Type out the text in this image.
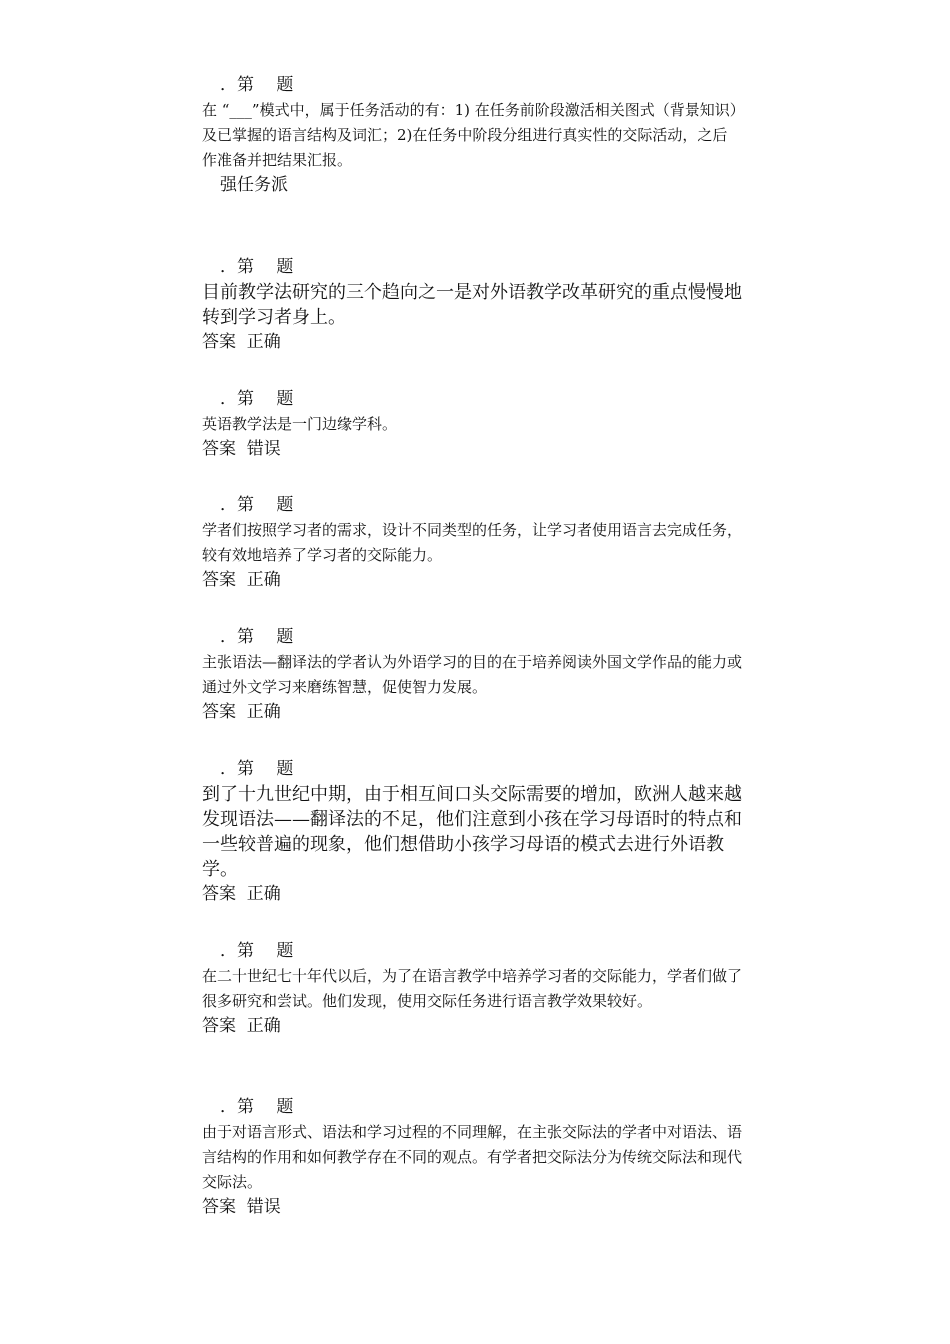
．第　 题
在 “___”模式中，属于任务活动的有：1) 在任务前阶段激活相关图式（背景知识）及已掌握的语言结构及词汇；2)在任务中阶段分组进行真实性的交际活动，之后作准备并把结果汇报。
强任务派
．第　 题
目前教学法研究的三个趋向之一是对外语教学改革研究的重点慢慢地转到学习者身上。
答案  正确
．第　 题
英语教学法是一门边缘学科。
答案  错误
．第　 题
学者们按照学习者的需求，设计不同类型的任务，让学习者使用语言去完成任务，较有效地培养了学习者的交际能力。
答案  正确
．第　 题
主张语法—翻译法的学者认为外语学习的目的在于培养阅读外国文学作品的能力或通过外文学习来磨练智慧，促使智力发展。
答案  正确
．第　 题
到了十九世纪中期，由于相互间口头交际需要的增加，欧洲人越来越发现语法——翻译法的不足，他们注意到小孩在学习母语时的特点和一些较普遍的现象，他们想借助小孩学习母语的模式去进行外语教学。
答案  正确
．第　 题
在二十世纪七十年代以后，为了在语言教学中培养学习者的交际能力，学者们做了很多研究和尝试。他们发现，使用交际任务进行语言教学效果较好。
答案  正确
．第　 题
由于对语言形式、语法和学习过程的不同理解，在主张交际法的学者中对语法、语言结构的作用和如何教学存在不同的观点。有学者把交际法分为传统交际法和现代交际法。
答案  错误
